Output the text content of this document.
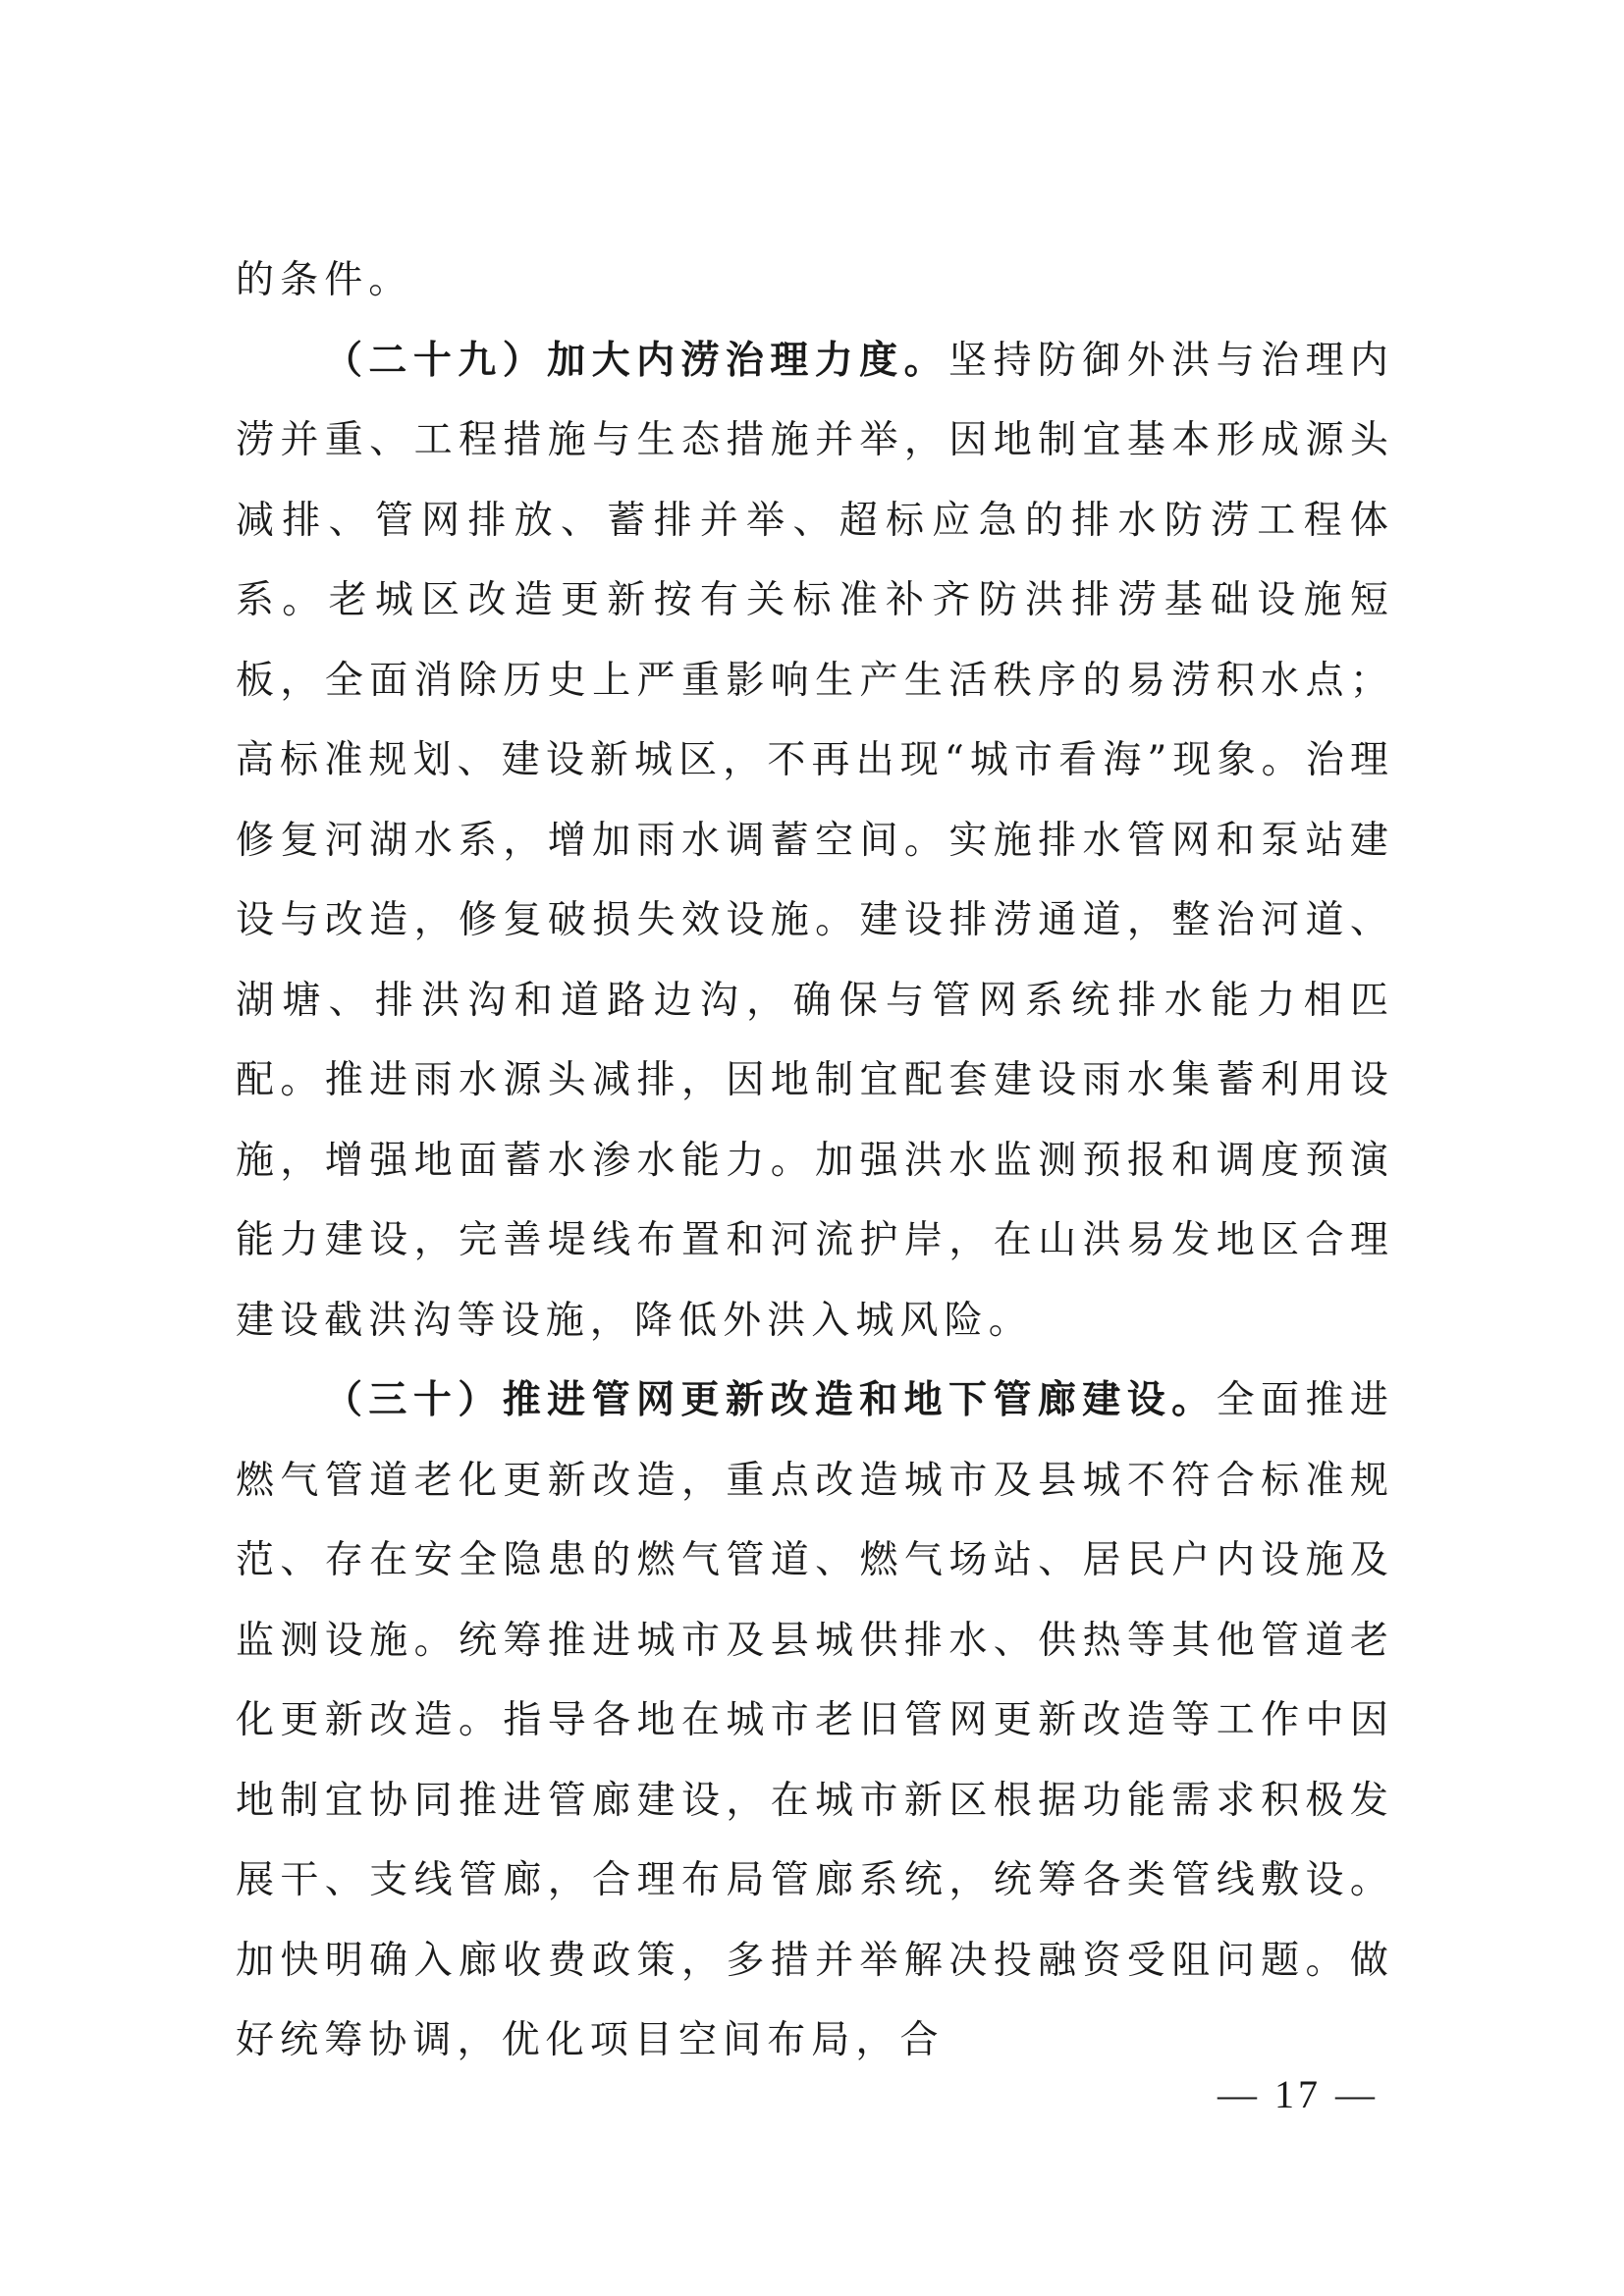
的条件。

（二十九）加大内涝治理力度。坚持防御外洪与治理内涝并重、工程措施与生态措施并举，因地制宜基本形成源头减排、管网排放、蓄排并举、超标应急的排水防涝工程体系。老城区改造更新按有关标准补齐防洪排涝基础设施短板，全面消除历史上严重影响生产生活秩序的易涝积水点；高标准规划、建设新城区，不再出现“城市看海”现象。治理修复河湖水系，增加雨水调蓄空间。实施排水管网和泵站建设与改造，修复破损失效设施。建设排涝通道，整治河道、湖塘、排洪沟和道路边沟，确保与管网系统排水能力相匹配。推进雨水源头减排，因地制宜配套建设雨水集蓄利用设施，增强地面蓄水渗水能力。加强洪水监测预报和调度预演能力建设，完善堤线布置和河流护岸，在山洪易发地区合理建设截洪沟等设施，降低外洪入城风险。

（三十）推进管网更新改造和地下管廊建设。全面推进燃气管道老化更新改造，重点改造城市及县城不符合标准规范、存在安全隐患的燃气管道、燃气场站、居民户内设施及监测设施。统筹推进城市及县城供排水、供热等其他管道老化更新改造。指导各地在城市老旧管网更新改造等工作中因地制宜协同推进管廊建设，在城市新区根据功能需求积极发展干、支线管廊，合理布局管廊系统，统筹各类管线敷设。加快明确入廊收费政策，多措并举解决投融资受阻问题。做好统筹协调，优化项目空间布局，合

— 17 —
